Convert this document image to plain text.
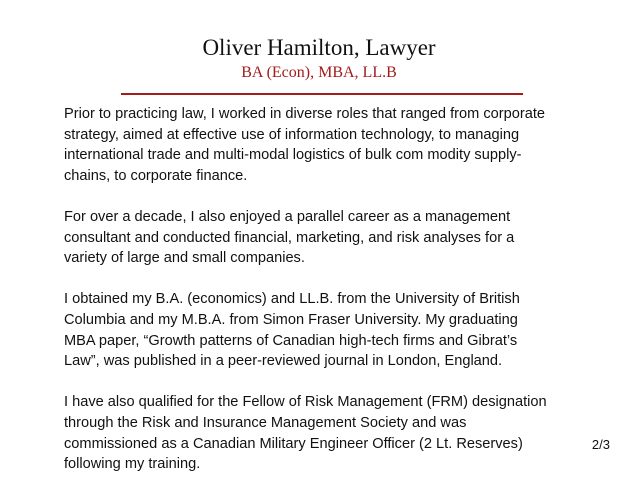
Oliver Hamilton, Lawyer
BA (Econ), MBA, LL.B

Prior to practicing law, I worked in diverse roles that ranged from corporate
strategy, aimed at effective use of information technology, to managing
international trade and multi-modal logistics of bulk com modity supply-
chains, to corporate finance.

For over a decade, I also enjoyed a parallel career as a management
consultant and conducted financial, marketing, and risk analyses for a
variety of large and small companies.

I obtained my B.A. (economics) and LL.B. from the University of British
Columbia and my M.B.A. from Simon Fraser University. My graduating
MBA paper, “Growth patterns of Canadian high-tech firms and Gibrat’s
Law”, was published in a peer-reviewed journal in London, England.

I have also qualified for the Fellow of Risk Management (FRM) designation
through the Risk and Insurance Management Society and was
commissioned as a Canadian Military Engineer Officer (2 Lt. Reserves)
following my training.

2/3
